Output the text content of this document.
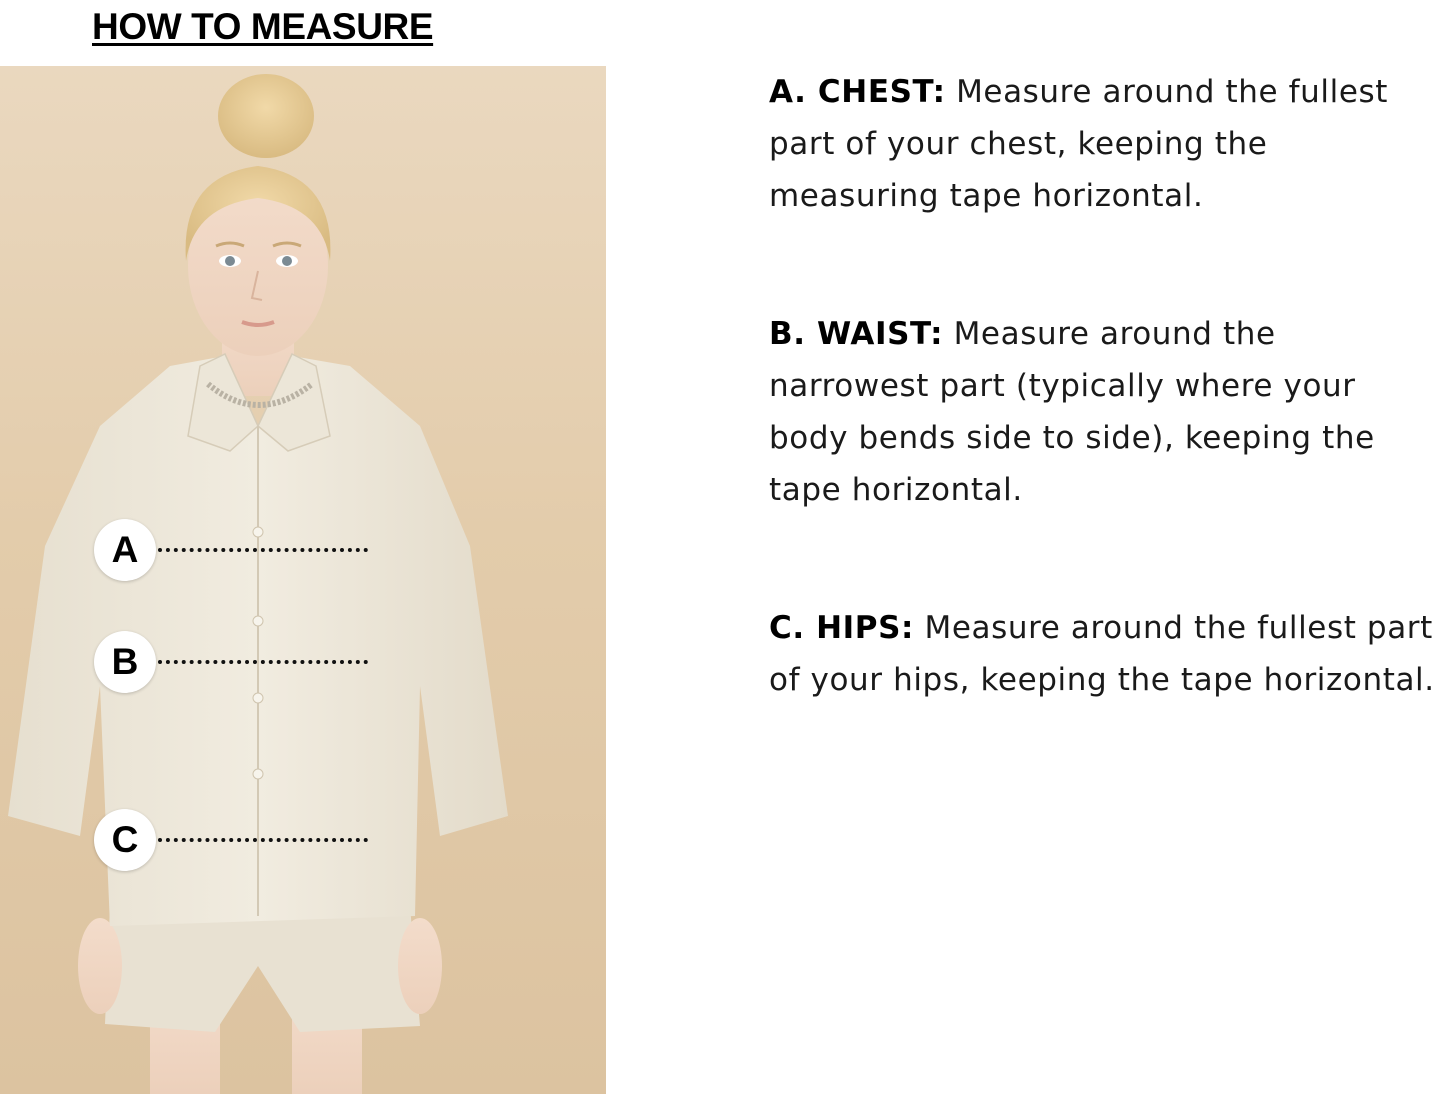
HOW TO MEASURE
A
B
C

A. CHEST: Measure around the fullest part of your chest, keeping the measuring tape horizontal.

B. WAIST: Measure around the narrowest part (typically where your body bends side to side), keeping the tape horizontal.

C. HIPS: Measure around the fullest part of your hips, keeping the tape horizontal.
